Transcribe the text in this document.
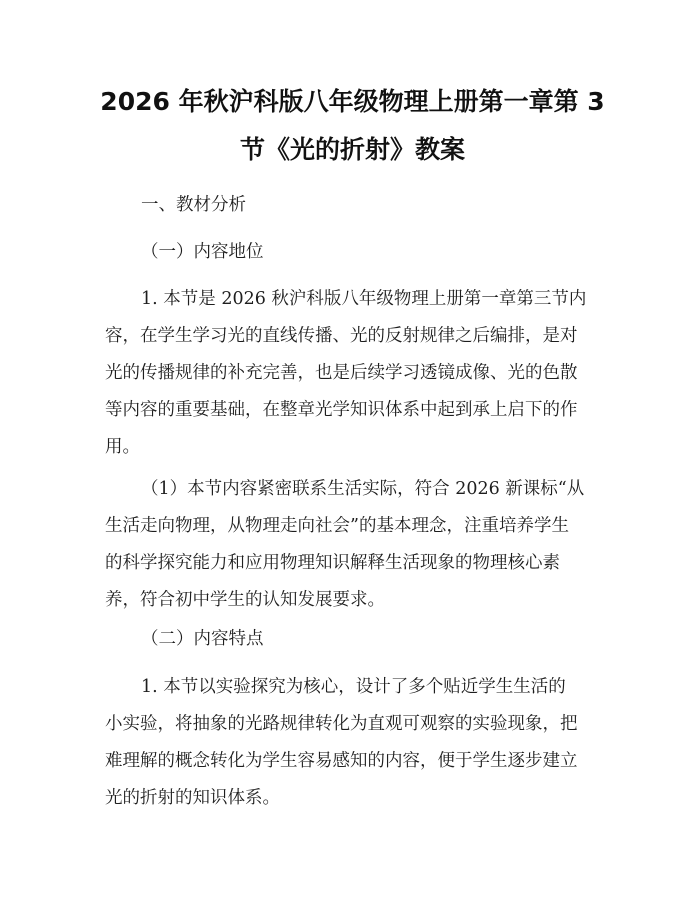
2026 年秋沪科版八年级物理上册第一章第 3
节《光的折射》教案
一、教材分析
（一）内容地位
1. 本节是 2026 秋沪科版八年级物理上册第一章第三节内
容，在学生学习光的直线传播、光的反射规律之后编排，是对
光的传播规律的补充完善，也是后续学习透镜成像、光的色散
等内容的重要基础，在整章光学知识体系中起到承上启下的作
用。
（1）本节内容紧密联系生活实际，符合 2026 新课标“从
生活走向物理，从物理走向社会”的基本理念，注重培养学生
的科学探究能力和应用物理知识解释生活现象的物理核心素
养，符合初中学生的认知发展要求。
（二）内容特点
1. 本节以实验探究为核心，设计了多个贴近学生生活的
小实验，将抽象的光路规律转化为直观可观察的实验现象，把
难理解的概念转化为学生容易感知的内容，便于学生逐步建立
光的折射的知识体系。
